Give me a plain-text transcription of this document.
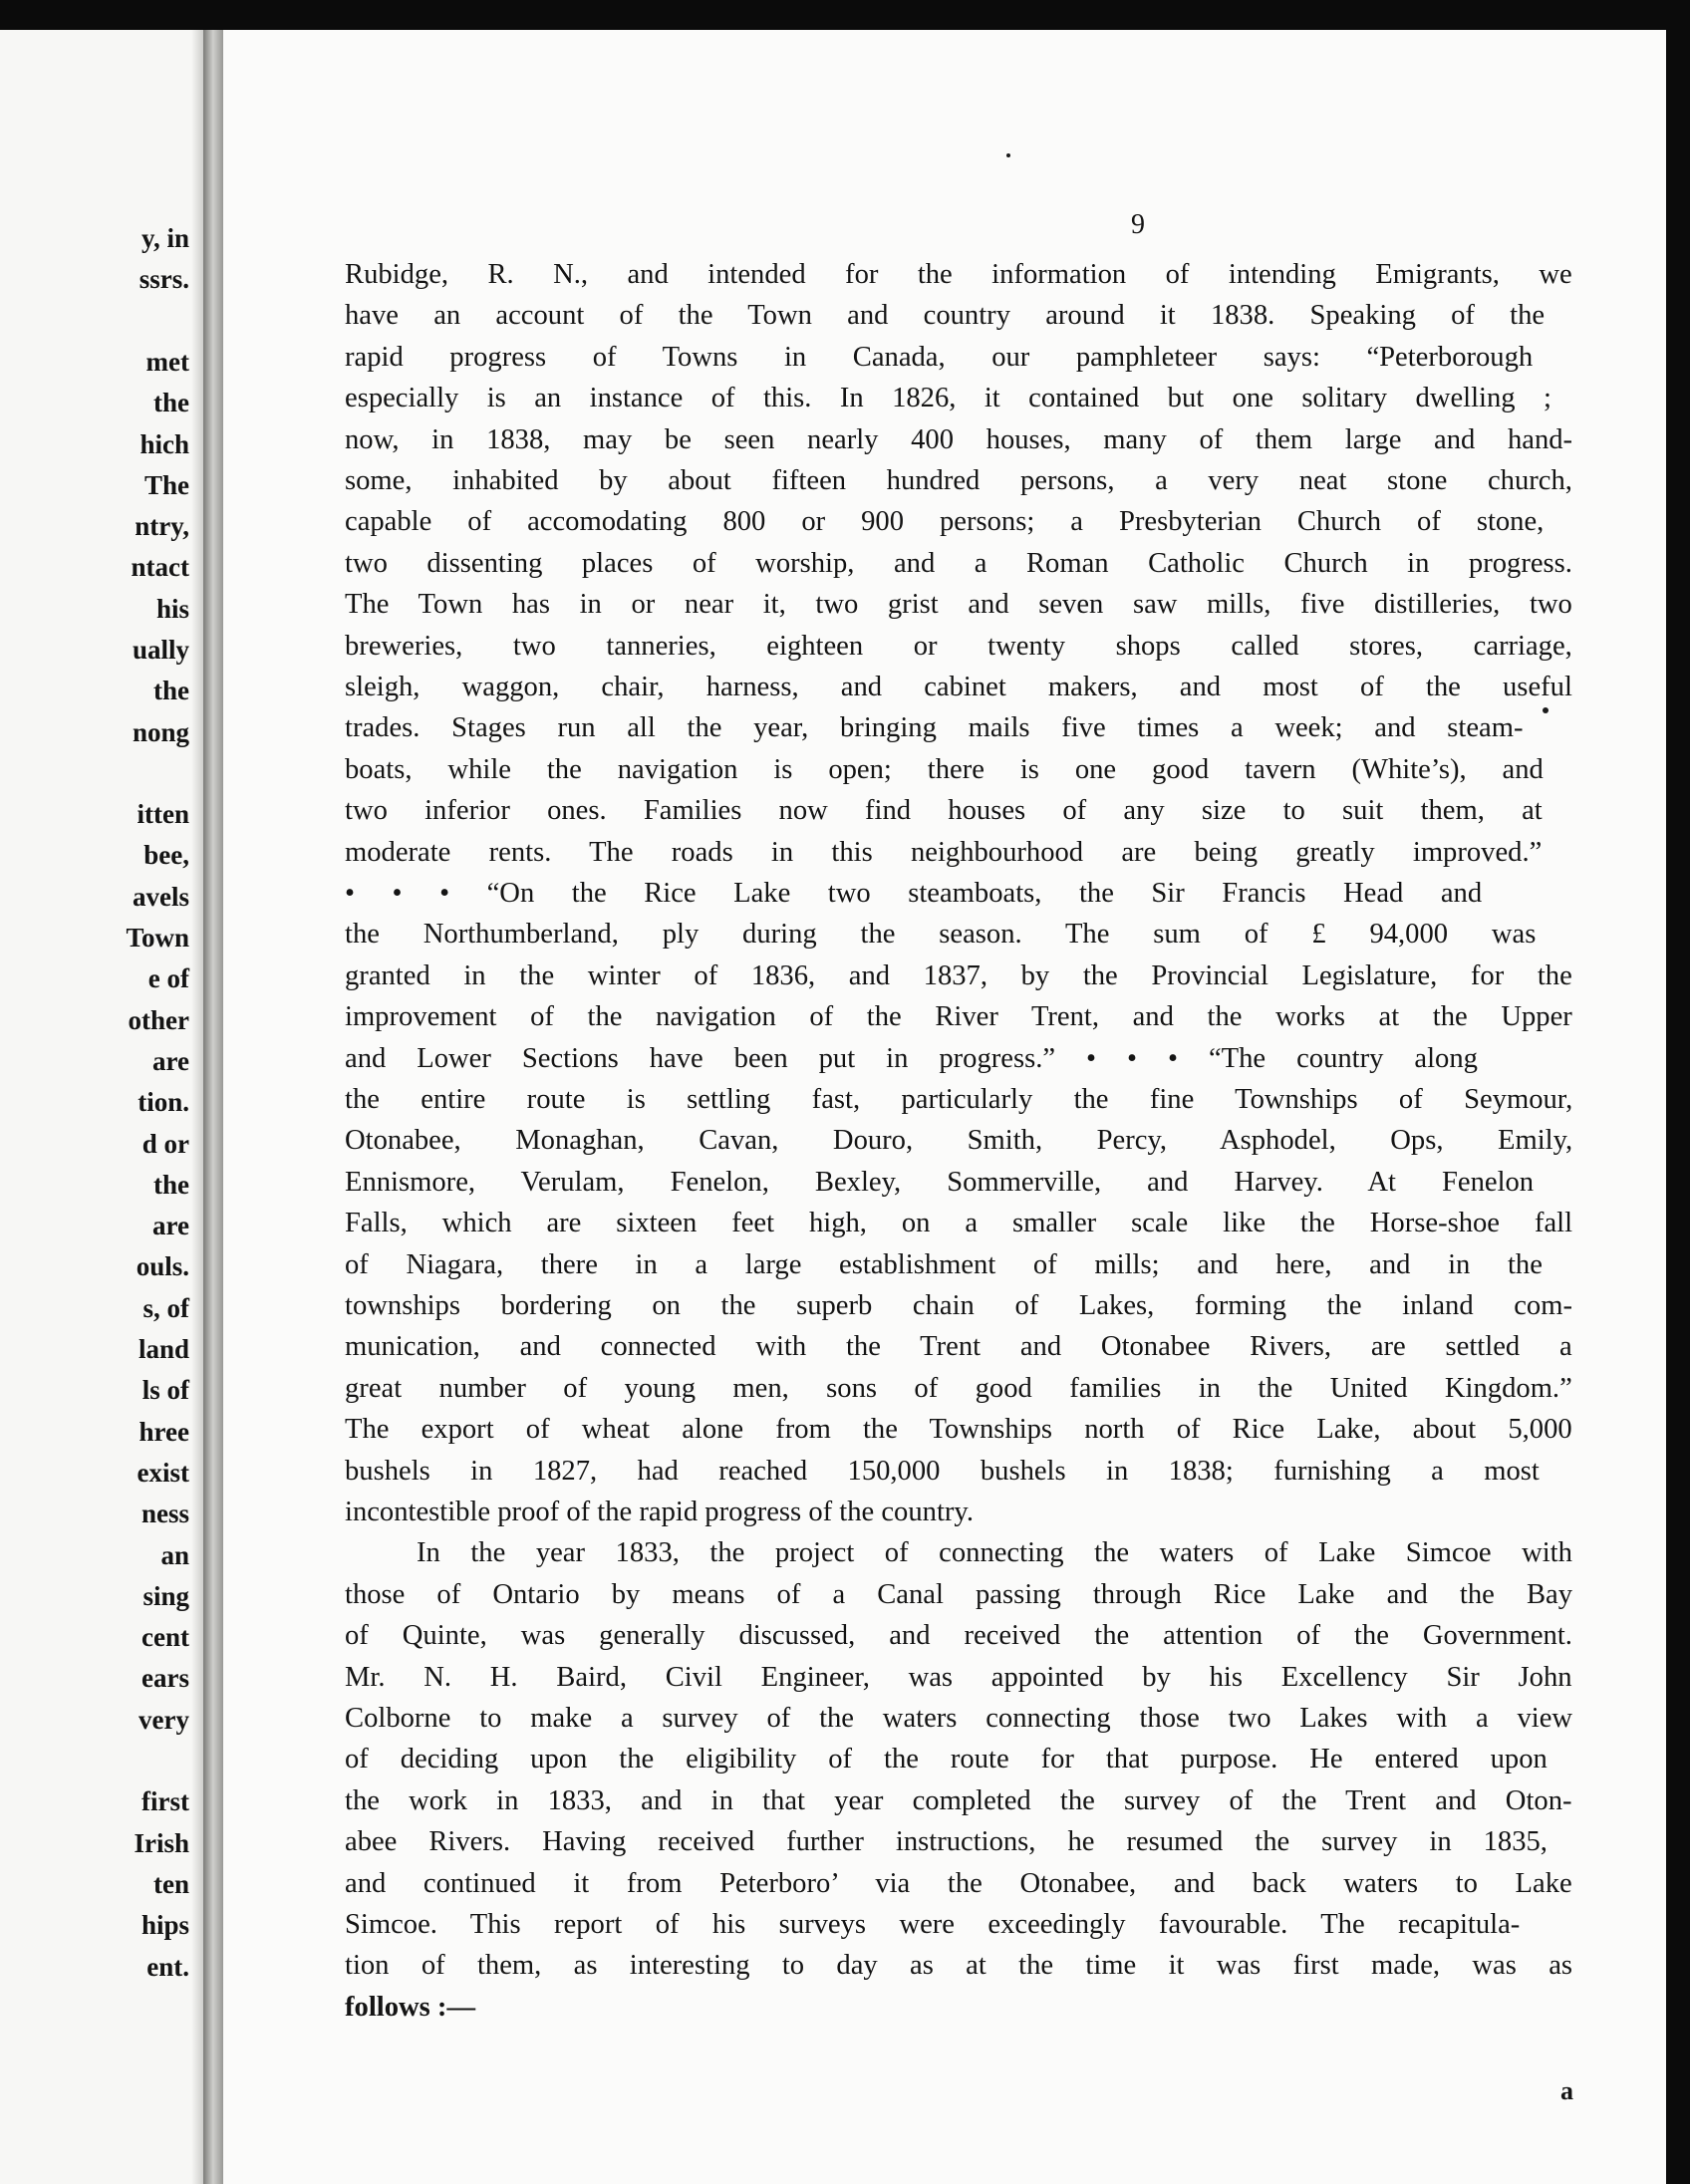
y, in
ssrs.
met
the
hich
The
ntry,
ntact
his
ually
the
nong
itten
bee,
avels
Town
e of
other
are
tion.
d or
the
are
ouls.
s, of
land
ls of
hree
exist
ness
an
sing
cent
ears
very
first
Irish
ten
hips
ent.
9
Rubidge, R. N., and intended for the information of intending Emigrants, we
have an account of the Town and country around it 1838. Speaking of the
rapid progress of Towns in Canada, our pamphleteer says: “Peterborough
especially is an instance of this. In 1826, it contained but one solitary dwelling ;
now, in 1838, may be seen nearly 400 houses, many of them large and hand-
some, inhabited by about fifteen hundred persons, a very neat stone church,
capable of accomodating 800 or 900 persons; a Presbyterian Church of stone,
two dissenting places of worship, and a Roman Catholic Church in progress.
The Town has in or near it, two grist and seven saw mills, five distilleries, two
breweries, two tanneries, eighteen or twenty shops called stores, carriage,
sleigh, waggon, chair, harness, and cabinet makers, and most of the useful
trades. Stages run all the year, bringing mails five times a week; and steam-
boats, while the navigation is open; there is one good tavern (White’s), and
two inferior ones. Families now find houses of any size to suit them, at
moderate rents. The roads in this neighbourhood are being greatly improved.”
• • • “On the Rice Lake two steamboats, the Sir Francis Head and
the Northumberland, ply during the season. The sum of £ 94,000 was
granted in the winter of 1836, and 1837, by the Provincial Legislature, for the
improvement of the navigation of the River Trent, and the works at the Upper
and Lower Sections have been put in progress.” • • • “The country along
the entire route is settling fast, particularly the fine Townships of Seymour,
Otonabee, Monaghan, Cavan, Douro, Smith, Percy, Asphodel, Ops, Emily,
Ennismore, Verulam, Fenelon, Bexley, Sommerville, and Harvey. At Fenelon
Falls, which are sixteen feet high, on a smaller scale like the Horse-shoe fall
of Niagara, there in a large establishment of mills; and here, and in the
townships bordering on the superb chain of Lakes, forming the inland com-
munication, and connected with the Trent and Otonabee Rivers, are settled a
great number of young men, sons of good families in the United Kingdom.”
The export of wheat alone from the Townships north of Rice Lake, about 5,000
bushels in 1827, had reached 150,000 bushels in 1838; furnishing a most
incontestible proof of the rapid progress of the country.
In the year 1833, the project of connecting the waters of Lake Simcoe with
those of Ontario by means of a Canal passing through Rice Lake and the Bay
of Quinte, was generally discussed, and received the attention of the Government.
Mr. N. H. Baird, Civil Engineer, was appointed by his Excellency Sir John
Colborne to make a survey of the waters connecting those two Lakes with a view
of deciding upon the eligibility of the route for that purpose. He entered upon
the work in 1833, and in that year completed the survey of the Trent and Oton-
abee Rivers. Having received further instructions, he resumed the survey in 1835,
and continued it from Peterboro’ via the Otonabee, and back waters to Lake
Simcoe. This report of his surveys were exceedingly favourable. The recapitula-
tion of them, as interesting to day as at the time it was first made, was as
follows :—
a
